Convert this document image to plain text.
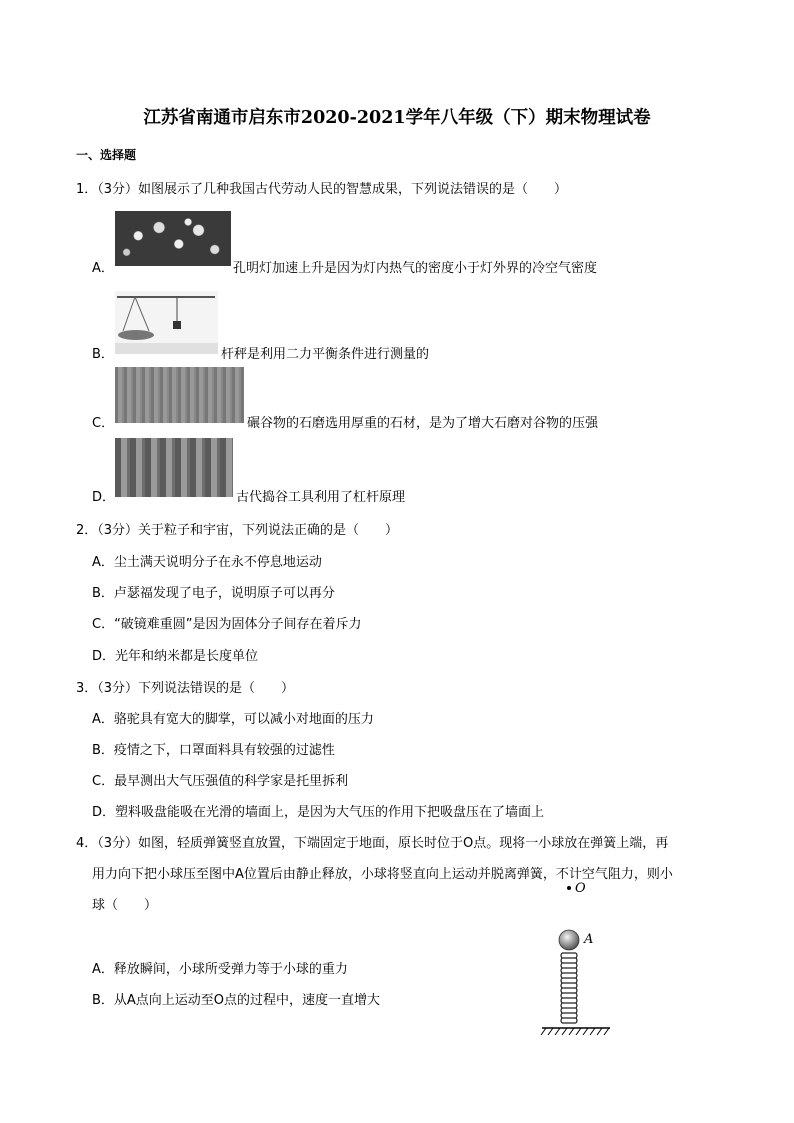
江苏省南通市启东市2020-2021学年八年级（下）期末物理试卷
一、选择题
1．（3分）如图展示了几种我国古代劳动人民的智慧成果，下列说法错误的是（　　）
A．	孔明灯加速上升是因为灯内热气的密度小于灯外界的冷空气密度
B．	杆秤是利用二力平衡条件进行测量的
C．	碾谷物的石磨选用厚重的石材，是为了增大石磨对谷物的压强
D．	古代捣谷工具利用了杠杆原理
2．（3分）关于粒子和宇宙，下列说法正确的是（　　）
A．尘土满天说明分子在永不停息地运动
B．卢瑟福发现了电子，说明原子可以再分
C．“破镜难重圆”是因为固体分子间存在着斥力
D．光年和纳米都是长度单位
3．（3分）下列说法错误的是（　　）
A．骆驼具有宽大的脚掌，可以减小对地面的压力
B．疫情之下，口罩面料具有较强的过滤性
C．最早测出大气压强值的科学家是托里拆利
D．塑料吸盘能吸在光滑的墙面上，是因为大气压的作用下把吸盘压在了墙面上
4．（3分）如图，轻质弹簧竖直放置，下端固定于地面，原长时位于O点。现将一小球放在弹簧上端，再
用力向下把小球压至图中A位置后由静止释放，小球将竖直向上运动并脱离弹簧，不计空气阻力，则小
球（　　）
A．释放瞬间，小球所受弹力等于小球的重力
B．从A点向上运动至O点的过程中，速度一直增大
O
A
